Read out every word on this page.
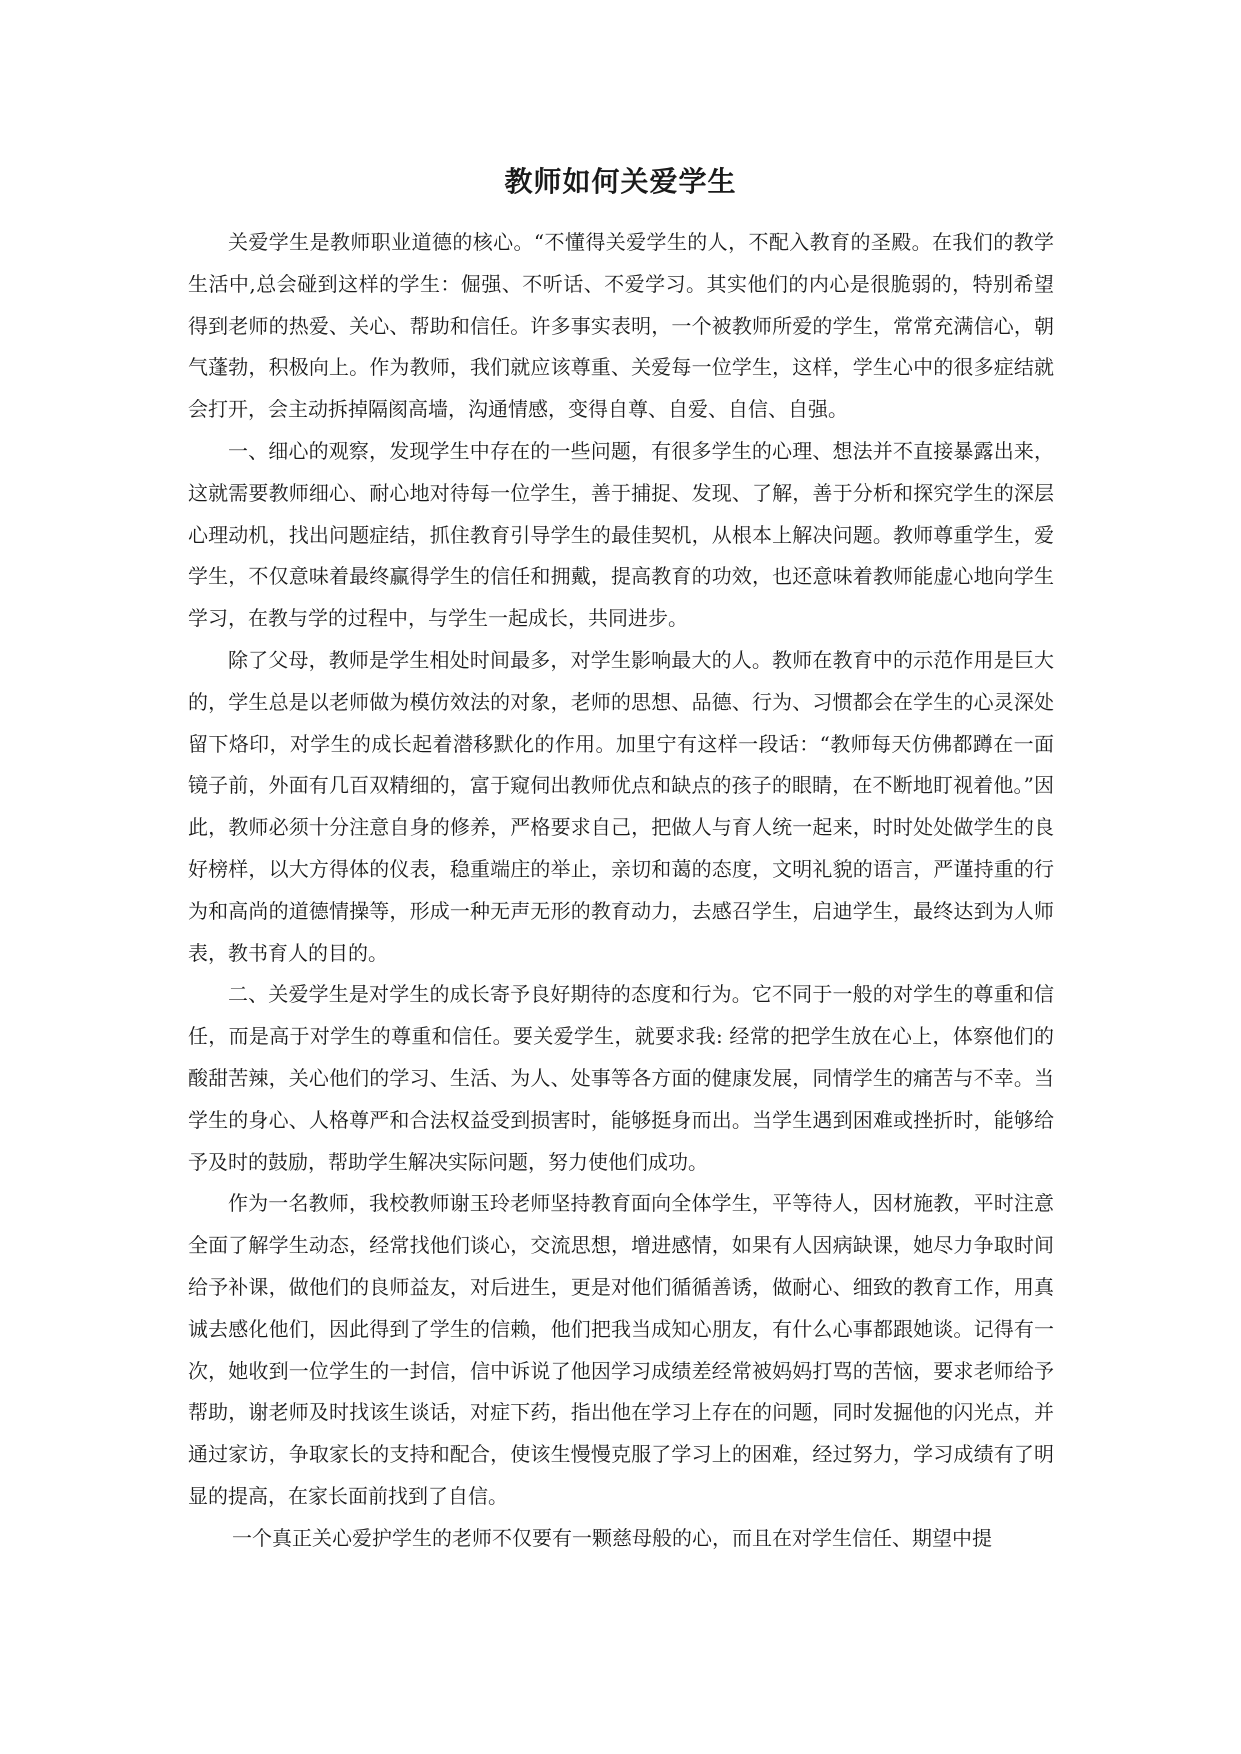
教师如何关爱学生

关爱学生是教师职业道德的核心。“不懂得关爱学生的人，不配入教育的圣殿。在我们的教学生活中,总会碰到这样的学生：倔强、不听话、不爱学习。其实他们的内心是很脆弱的，特别希望得到老师的热爱、关心、帮助和信任。许多事实表明，一个被教师所爱的学生，常常充满信心，朝气蓬勃，积极向上。作为教师，我们就应该尊重、关爱每一位学生，这样，学生心中的很多症结就会打开，会主动拆掉隔阂高墙，沟通情感，变得自尊、自爱、自信、自强。

一、细心的观察，发现学生中存在的一些问题，有很多学生的心理、想法并不直接暴露出来，这就需要教师细心、耐心地对待每一位学生，善于捕捉、发现、了解，善于分析和探究学生的深层心理动机，找出问题症结，抓住教育引导学生的最佳契机，从根本上解决问题。教师尊重学生，爱学生，不仅意味着最终赢得学生的信任和拥戴，提高教育的功效，也还意味着教师能虚心地向学生学习，在教与学的过程中，与学生一起成长，共同进步。

除了父母，教师是学生相处时间最多，对学生影响最大的人。教师在教育中的示范作用是巨大的，学生总是以老师做为模仿效法的对象，老师的思想、品德、行为、习惯都会在学生的心灵深处留下烙印，对学生的成长起着潜移默化的作用。加里宁有这样一段话：“教师每天仿佛都蹲在一面镜子前，外面有几百双精细的，富于窥伺出教师优点和缺点的孩子的眼睛，在不断地盯视着他。”因此，教师必须十分注意自身的修养，严格要求自己，把做人与育人统一起来，时时处处做学生的良好榜样，以大方得体的仪表，稳重端庄的举止，亲切和蔼的态度，文明礼貌的语言，严谨持重的行为和高尚的道德情操等，形成一种无声无形的教育动力，去感召学生，启迪学生，最终达到为人师表，教书育人的目的。

二、关爱学生是对学生的成长寄予良好期待的态度和行为。它不同于一般的对学生的尊重和信任，而是高于对学生的尊重和信任。要关爱学生，就要求我: 经常的把学生放在心上，体察他们的酸甜苦辣，关心他们的学习、生活、为人、处事等各方面的健康发展，同情学生的痛苦与不幸。当学生的身心、人格尊严和合法权益受到损害时，能够挺身而出。当学生遇到困难或挫折时，能够给予及时的鼓励，帮助学生解决实际问题，努力使他们成功。

作为一名教师，我校教师谢玉玲老师坚持教育面向全体学生，平等待人，因材施教，平时注意全面了解学生动态，经常找他们谈心，交流思想，增进感情，如果有人因病缺课，她尽力争取时间给予补课，做他们的良师益友，对后进生，更是对他们循循善诱，做耐心、细致的教育工作，用真诚去感化他们，因此得到了学生的信赖，他们把我当成知心朋友，有什么心事都跟她谈。记得有一次，她收到一位学生的一封信，信中诉说了他因学习成绩差经常被妈妈打骂的苦恼，要求老师给予帮助，谢老师及时找该生谈话，对症下药，指出他在学习上存在的问题，同时发掘他的闪光点，并通过家访，争取家长的支持和配合，使该生慢慢克服了学习上的困难，经过努力，学习成绩有了明显的提高，在家长面前找到了自信。

一个真正关心爱护学生的老师不仅要有一颗慈母般的心，而且在对学生信任、期望中提
